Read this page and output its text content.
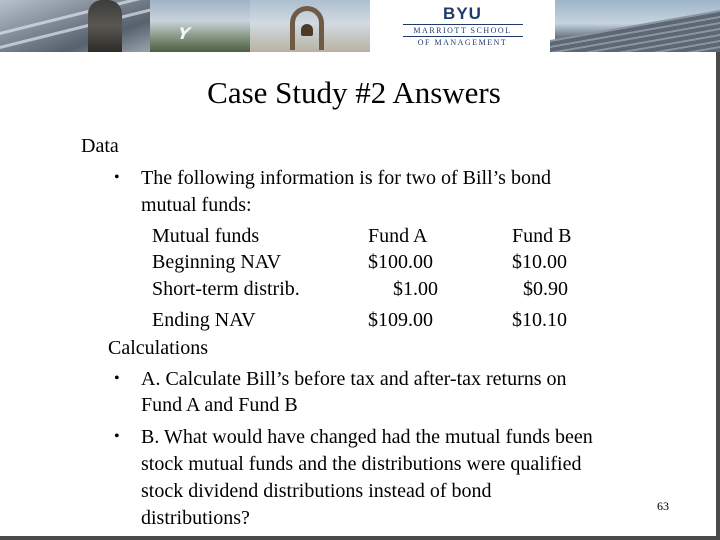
Y
BYU
MARRIOTT SCHOOL
OF MANAGEMENT
Case Study #2 Answers
Data
• The following information is for two of Bill’s bond
mutual funds:
Mutual funds	Fund A	Fund B
Beginning NAV	$100.00	$10.00
Short-term distrib.	$1.00	$0.90
Ending NAV	$109.00	$10.10
Calculations
• A. Calculate Bill’s before tax and after-tax returns on
Fund A and Fund B
• B. What would have changed had the mutual funds been
stock mutual funds and the distributions were qualified
stock dividend distributions instead of bond
distributions?
63
